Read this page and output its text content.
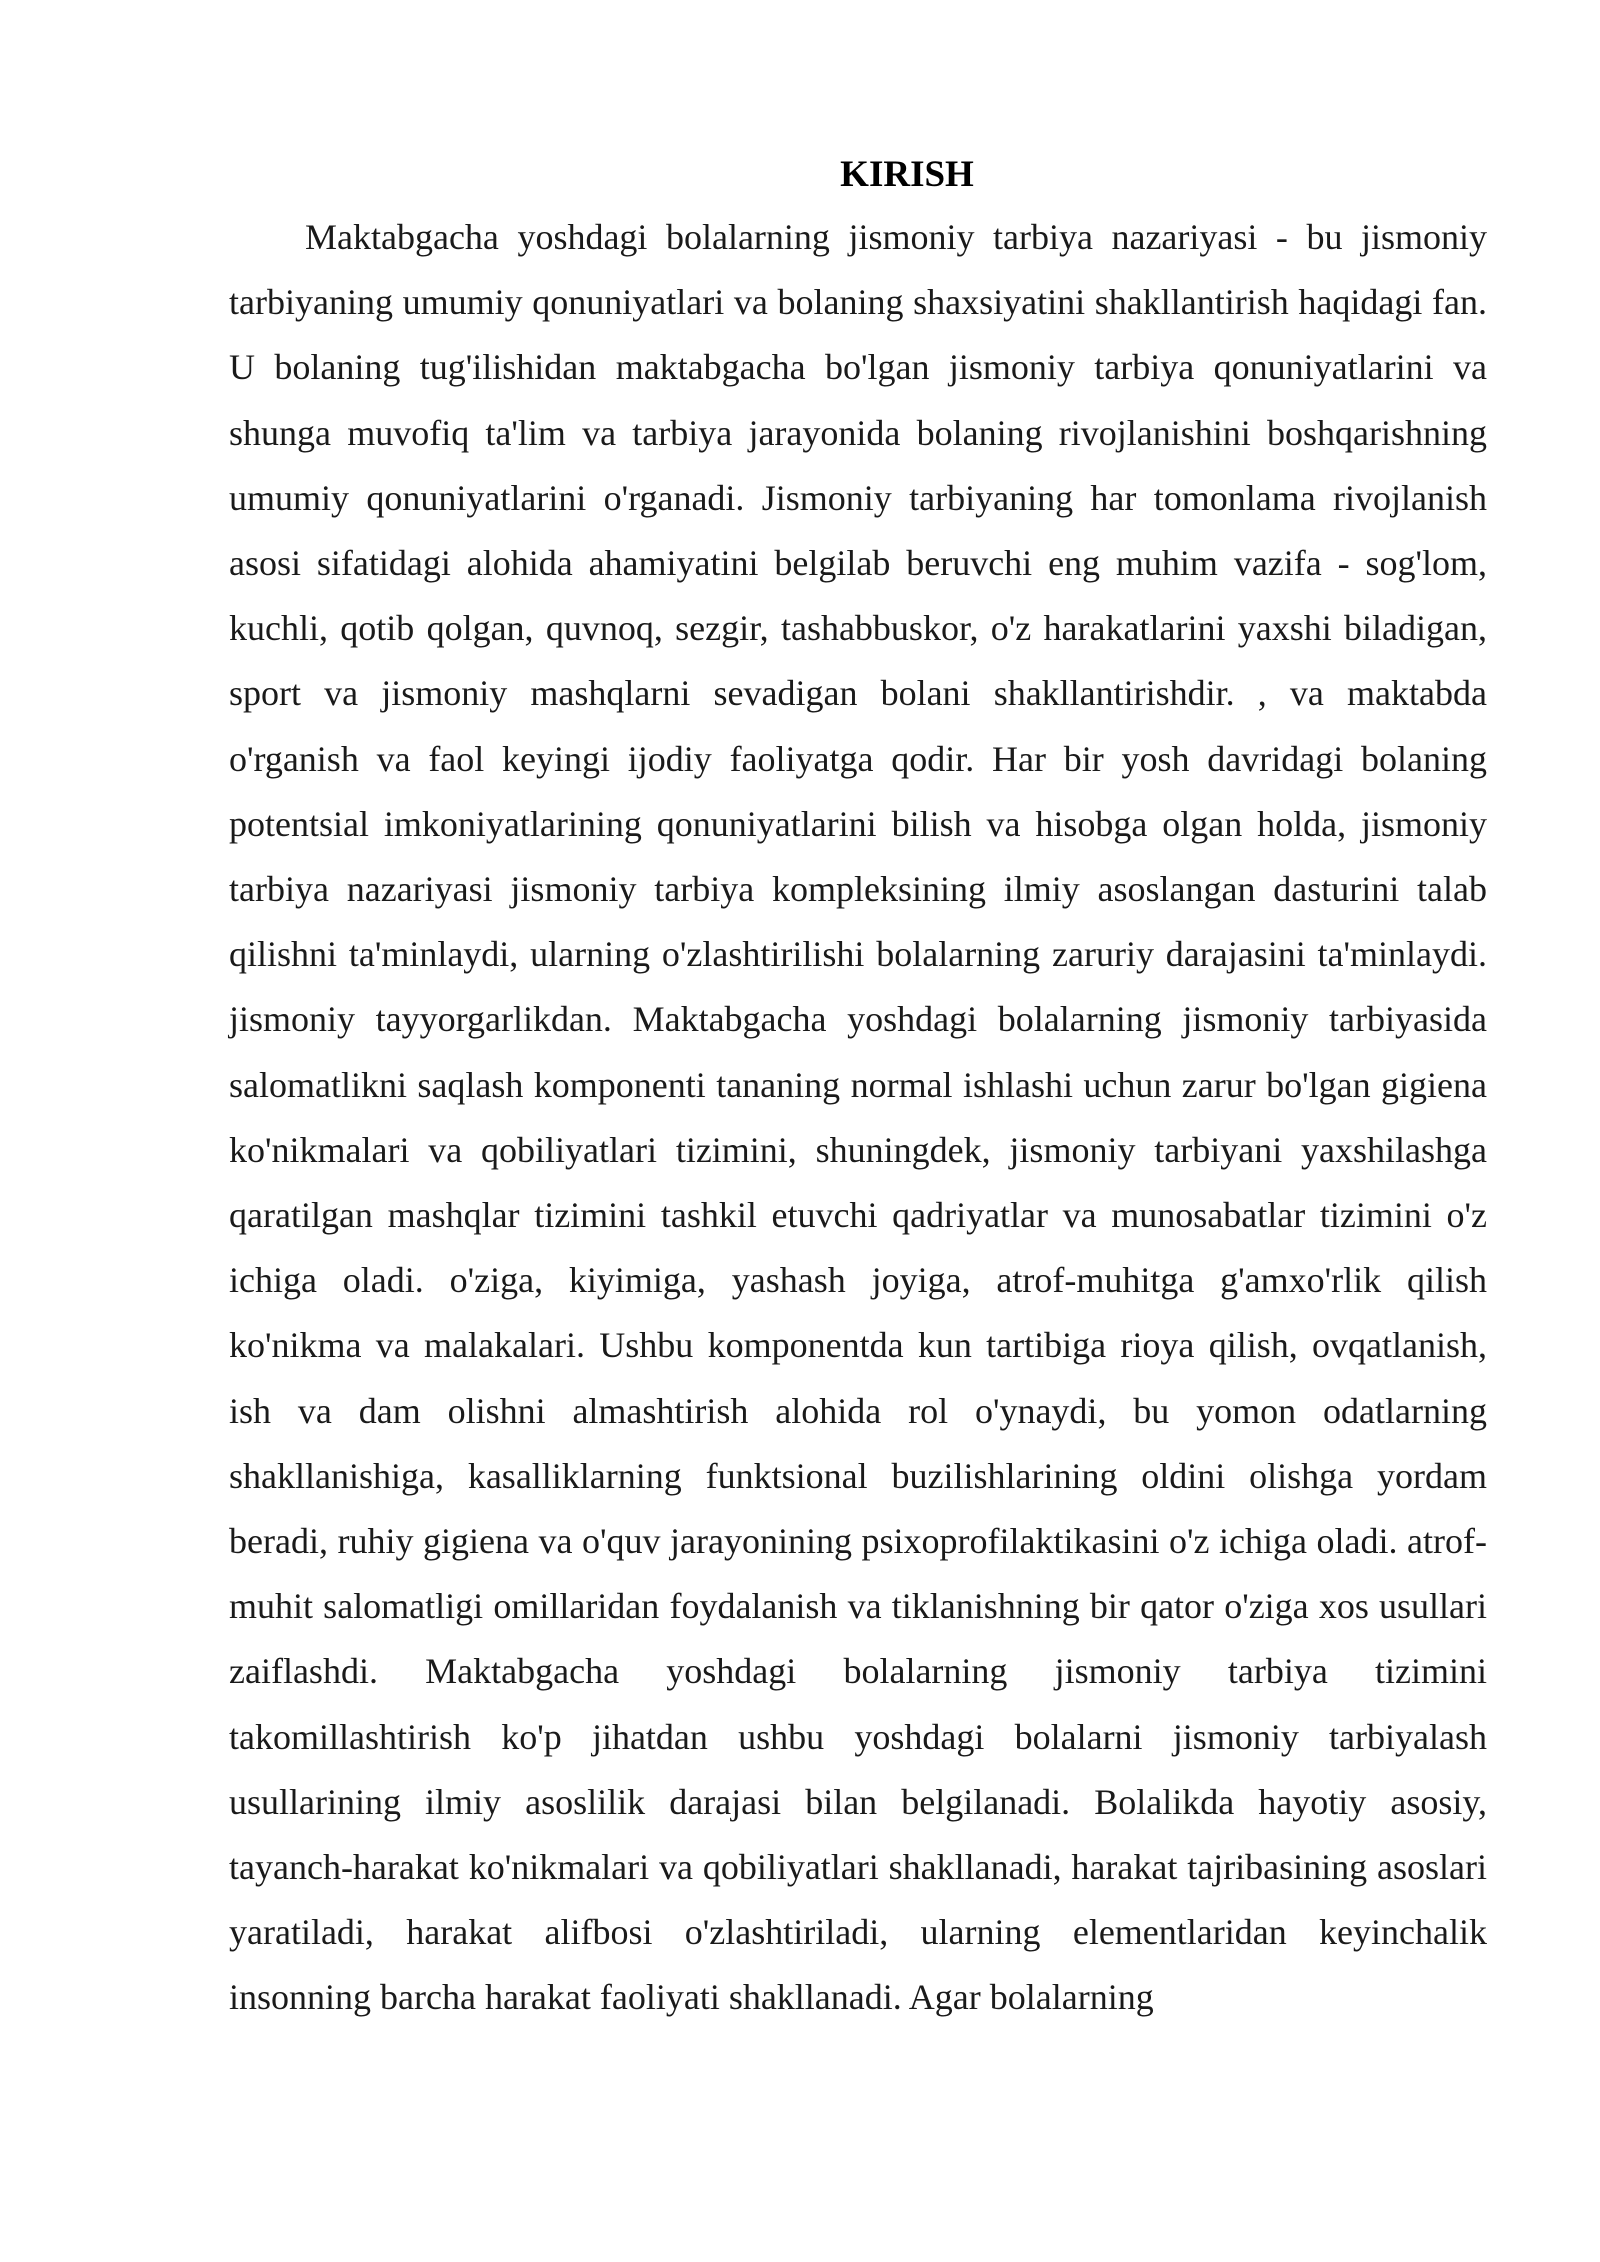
KIRISH

Maktabgacha yoshdagi bolalarning jismoniy tarbiya nazariyasi - bu jismoniy tarbiyaning umumiy qonuniyatlari va bolaning shaxsiyatini shakllantirish haqidagi fan. U bolaning tug'ilishidan maktabgacha bo'lgan jismoniy tarbiya qonuniyatlarini va shunga muvofiq ta'lim va tarbiya jarayonida bolaning rivojlanishini boshqarishning umumiy qonuniyatlarini o'rganadi. Jismoniy tarbiyaning har tomonlama rivojlanish asosi sifatidagi alohida ahamiyatini belgilab beruvchi eng muhim vazifa - sog'lom, kuchli, qotib qolgan, quvnoq, sezgir, tashabbuskor, o'z harakatlarini yaxshi biladigan, sport va jismoniy mashqlarni sevadigan bolani shakllantirishdir. , va maktabda o'rganish va faol keyingi ijodiy faoliyatga qodir. Har bir yosh davridagi bolaning potentsial imkoniyatlarining qonuniyatlarini bilish va hisobga olgan holda, jismoniy tarbiya nazariyasi jismoniy tarbiya kompleksining ilmiy asoslangan dasturini talab qilishni ta'minlaydi, ularning o'zlashtirilishi bolalarning zaruriy darajasini ta'minlaydi. jismoniy tayyorgarlikdan. Maktabgacha yoshdagi bolalarning jismoniy tarbiyasida salomatlikni saqlash komponenti tananing normal ishlashi uchun zarur bo'lgan gigiena ko'nikmalari va qobiliyatlari tizimini, shuningdek, jismoniy tarbiyani yaxshilashga qaratilgan mashqlar tizimini tashkil etuvchi qadriyatlar va munosabatlar tizimini o'z ichiga oladi. o'ziga, kiyimiga, yashash joyiga, atrof-muhitga g'amxo'rlik qilish ko'nikma va malakalari. Ushbu komponentda kun tartibiga rioya qilish, ovqatlanish, ish va dam olishni almashtirish alohida rol o'ynaydi, bu yomon odatlarning shakllanishiga, kasalliklarning funktsional buzilishlarining oldini olishga yordam beradi, ruhiy gigiena va o'quv jarayonining psixoprofilaktikasini o'z ichiga oladi. atrof-muhit salomatligi omillaridan foydalanish va tiklanishning bir qator o'ziga xos usullari zaiflashdi. Maktabgacha yoshdagi bolalarning jismoniy tarbiya tizimini takomillashtirish ko'p jihatdan ushbu yoshdagi bolalarni jismoniy tarbiyalash usullarining ilmiy asoslilik darajasi bilan belgilanadi. Bolalikda hayotiy asosiy, tayanch-harakat ko'nikmalari va qobiliyatlari shakllanadi, harakat tajribasining asoslari yaratiladi, harakat alifbosi o'zlashtiriladi, ularning elementlaridan keyinchalik insonning barcha harakat faoliyati shakllanadi. Agar bolalarning
